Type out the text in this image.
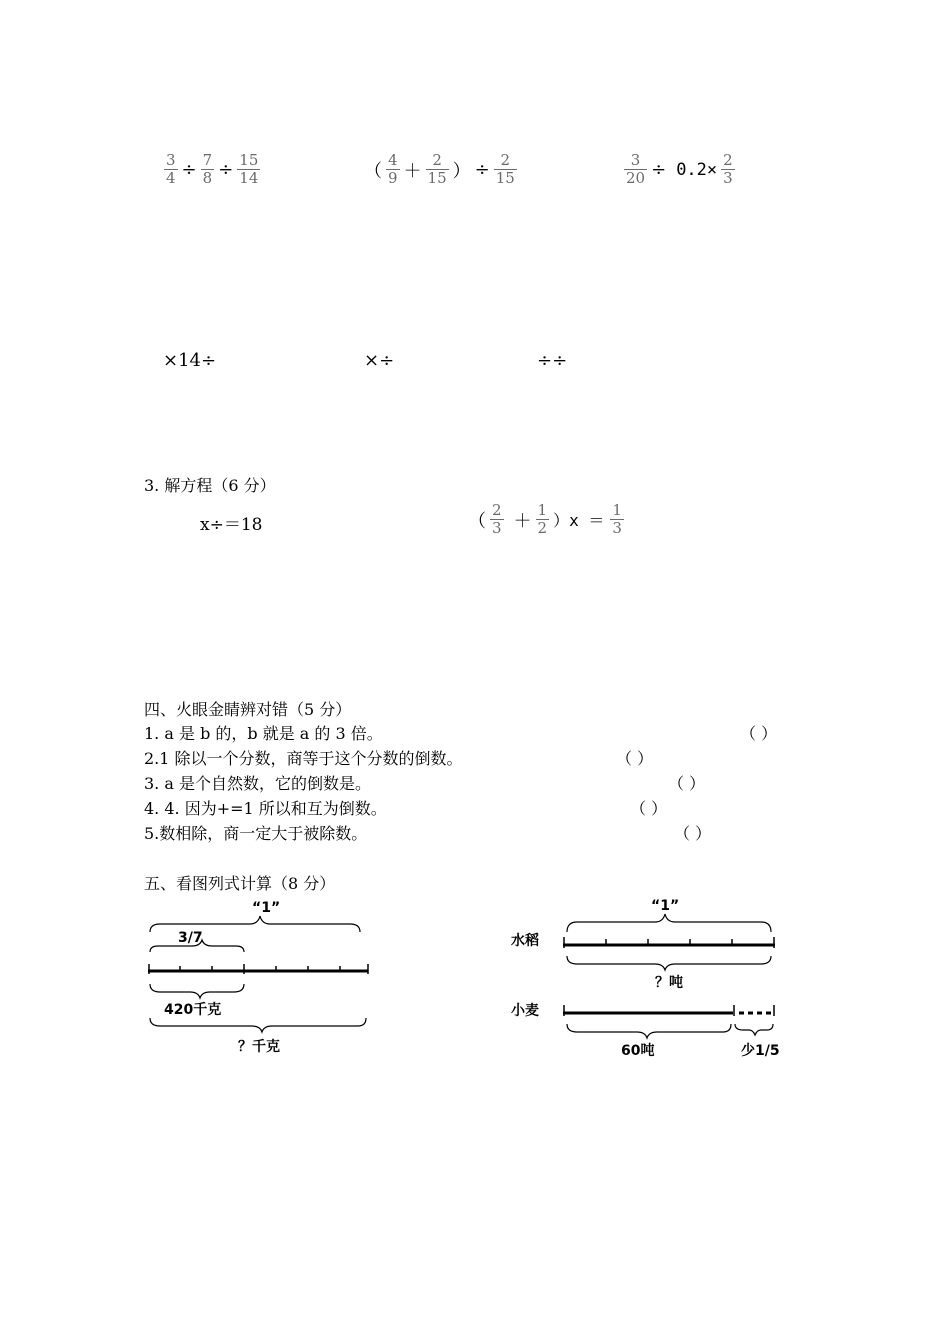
$\frac{3}{4} \div \frac{7}{8} \div \frac{15}{14}$	（ $\frac{4}{9} + \frac{2}{15}$ ） ÷ $\frac{2}{15}$	$\frac{3}{20} \div 0.2\times \frac{2}{3}$
×14÷	×÷	÷÷
3. 解方程（6 分）
x÷＝18	（ $\frac{2}{3} + \frac{1}{2} )x = \frac{1}{3}$
四、火眼金睛辨对错（5 分）
1. a 是 b 的，b 就是 a 的 3 倍。	（ ）
2.1 除以一个分数，商等于这个分数的倒数。	（ ）
3. a 是个自然数，它的倒数是。	（ ）
4. 4. 因为+=1 所以和互为倒数。	（ ）
5.数相除，商一定大于被除数。	（ ）
五、看图列式计算（8 分）
“1”
3/7
420千克
？千克
“1”
水稻
？吨
小麦
60吨	少1/5
